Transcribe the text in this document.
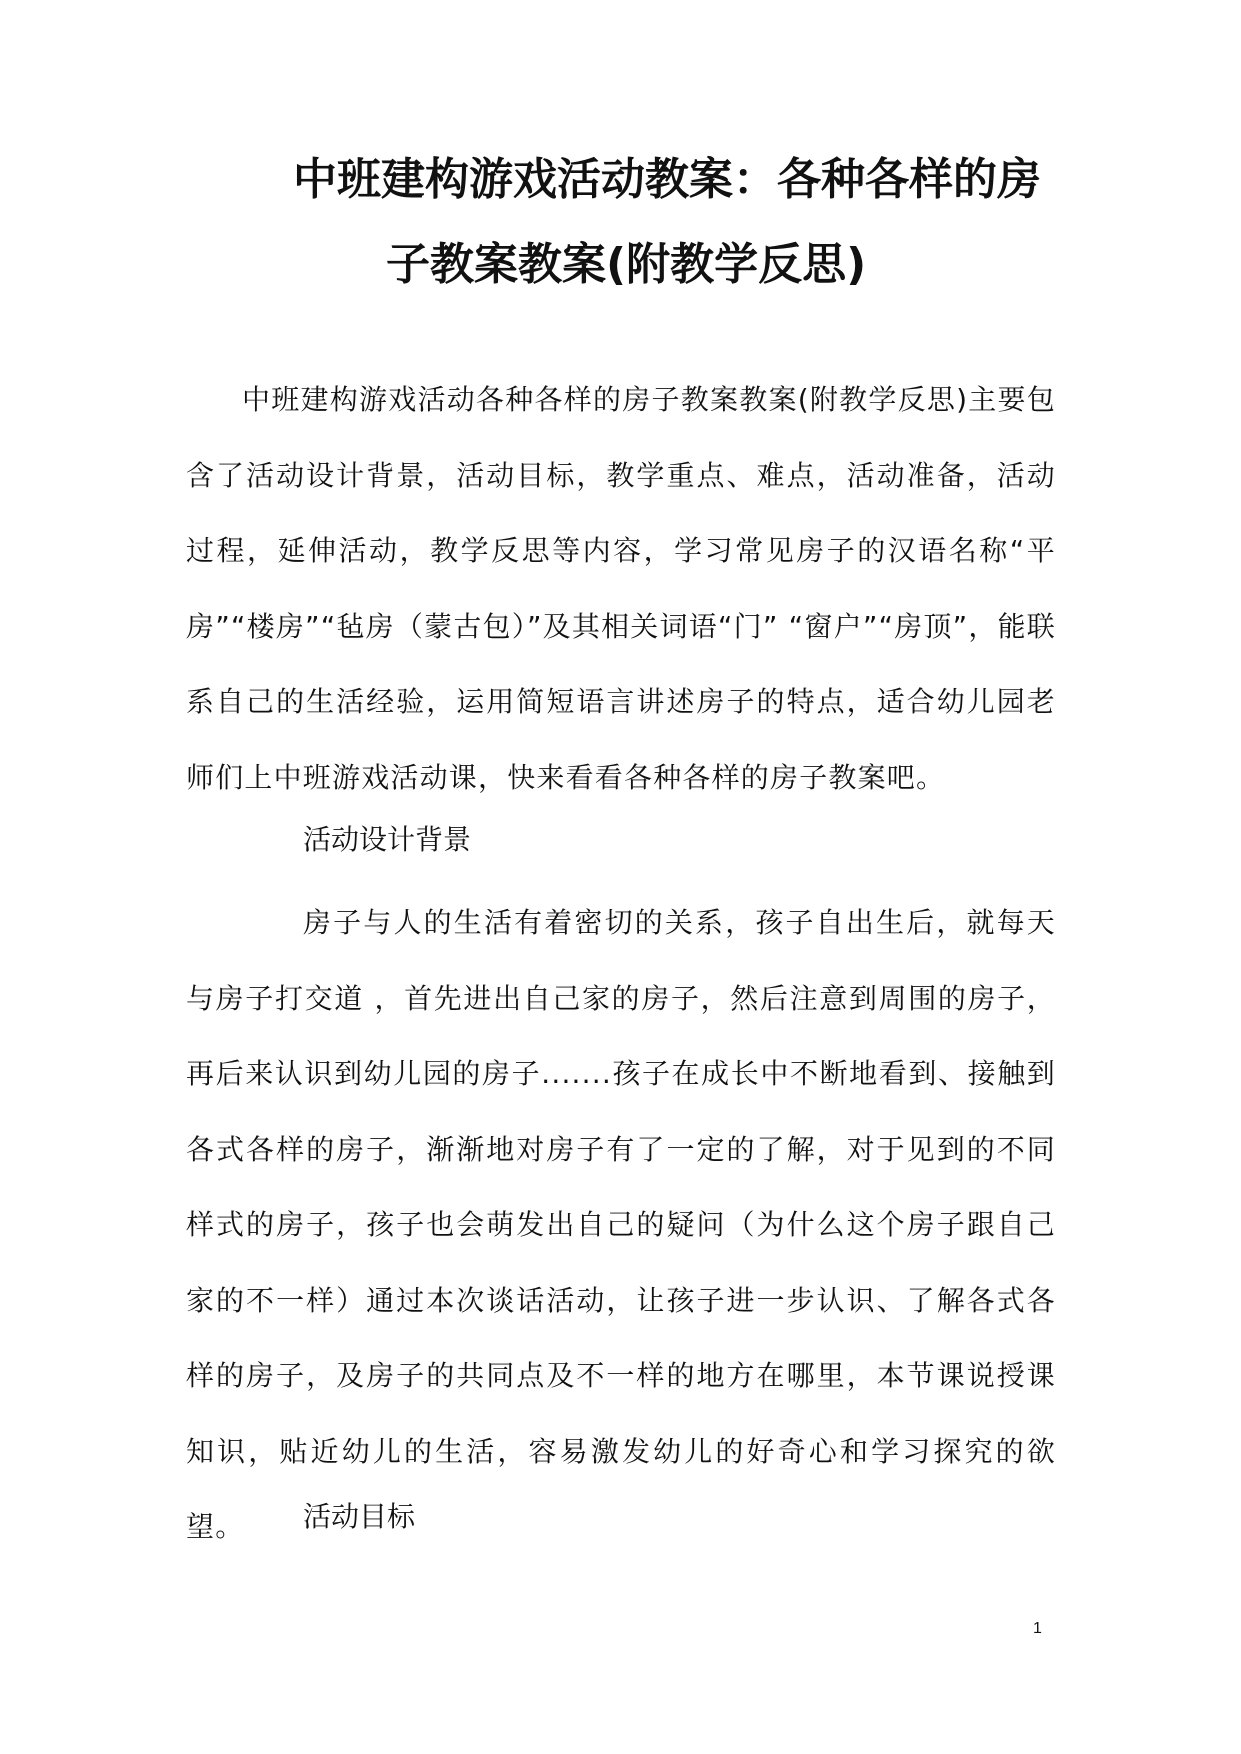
中班建构游戏活动教案：各种各样的房
子教案教案(附教学反思)
中班建构游戏活动各种各样的房子教案教案(附教学反思)主要包含了活动设计背景，活动目标，教学重点、难点，活动准备，活动过程，延伸活动，教学反思等内容，学习常见房子的汉语名称“平房”“楼房”“毡房（蒙古包）”及其相关词语“门” “窗户”“房顶”，能联系自己的生活经验，运用简短语言讲述房子的特点，适合幼儿园老师们上中班游戏活动课，快来看看各种各样的房子教案吧。
活动设计背景
房子与人的生活有着密切的关系，孩子自出生后，就每天与房子打交道 ，首先进出自己家的房子，然后注意到周围的房子，再后来认识到幼儿园的房子.......孩子在成长中不断地看到、接触到各式各样的房子，渐渐地对房子有了一定的了解，对于见到的不同样式的房子，孩子也会萌发出自己的疑问（为什么这个房子跟自己家的不一样）通过本次谈话活动，让孩子进一步认识、了解各式各样的房子，及房子的共同点及不一样的地方在哪里，本节课说授课知识，贴近幼儿的生活，容易激发幼儿的好奇心和学习探究的欲望。	活动目标
1
